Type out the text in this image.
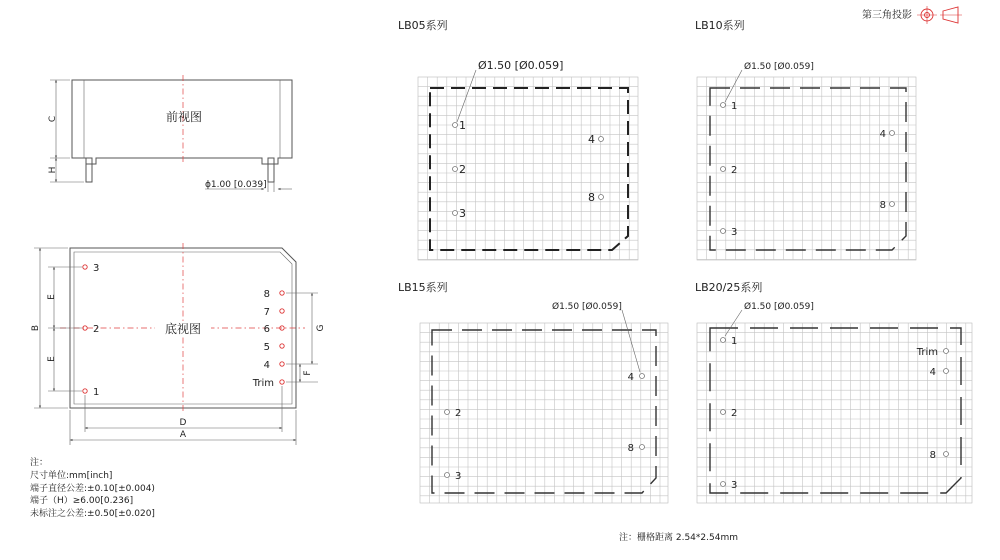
第三角投影
前视图
C
H
ϕ1.00 [0.039]
底视图
3
2
1
8
7
6
5
4
Trim
B
E
E
G
F
D
A
注：
尺寸单位:mm[inch]
端子直径公差:±0.10[±0.004)
端子（H）≥6.00[0.236]
未标注之公差:±0.50[±0.020]
LB05系列
Ø1.50 [Ø0.059]
1
2
3
4
8
LB10系列
Ø1.50 [Ø0.059]
1
2
3
4
8
LB15系列
Ø1.50 [Ø0.059]
4
2
8
3
LB20/25系列
Ø1.50 [Ø0.059]
1
Trim
4
2
8
3
注：栅格距离 2.54*2.54mm
